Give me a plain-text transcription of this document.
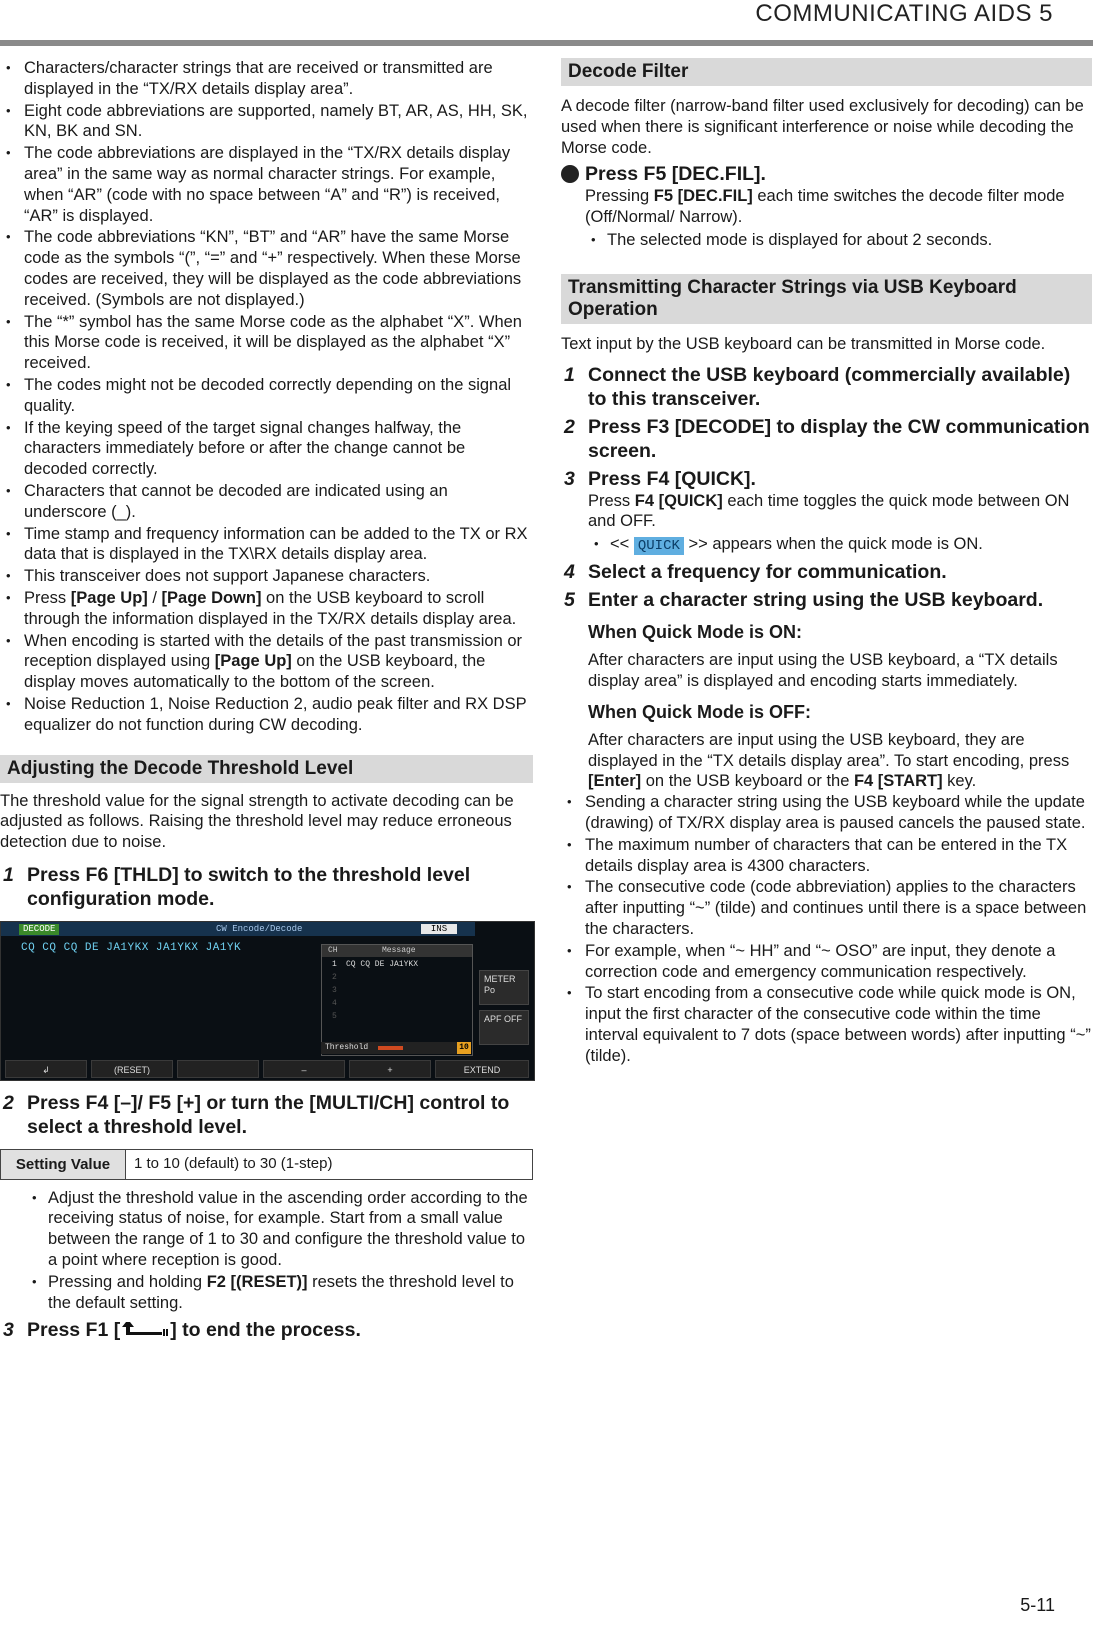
COMMUNICATING AIDS 5
• Characters/character strings that are received or transmitted are displayed in the “TX/RX details display area”.
• Eight code abbreviations are supported, namely BT, AR, AS, HH, SK, KN, BK and SN.
• The code abbreviations are displayed in the “TX/RX details display area” in the same way as normal character strings. For example, when “AR” (code with no space between “A” and “R”) is received, “AR” is displayed.
• The code abbreviations “KN”, “BT” and “AR” have the same Morse code as the symbols “(”, “=” and “+” respectively. When these Morse codes are received, they will be displayed as the code abbreviations received. (Symbols are not displayed.)
• The “*” symbol has the same Morse code as the alphabet “X”. When this Morse code is received, it will be displayed as the alphabet “X” received.
• The codes might not be decoded correctly depending on the signal quality.
• If the keying speed of the target signal changes halfway, the characters immediately before or after the change cannot be decoded correctly.
• Characters that cannot be decoded are indicated using an underscore (_).
• Time stamp and frequency information can be added to the TX or RX data that is displayed in the TX\RX details display area.
• This transceiver does not support Japanese characters.
• Press [Page Up] / [Page Down] on the USB keyboard to scroll through the information displayed in the TX/RX details display area.
• When encoding is started with the details of the past transmission or reception displayed using [Page Up] on the USB keyboard, the display moves automatically to the bottom of the screen.
• Noise Reduction 1, Noise Reduction 2, audio peak filter and RX DSP equalizer do not function during CW decoding.
Adjusting the Decode Threshold Level

The threshold value for the signal strength to activate decoding can be adjusted as follows. Raising the threshold level may reduce erroneous detection due to noise.

1 Press F6 [THLD] to switch to the threshold level configuration mode.
DECODE	CW Encode/Decode	INS
CQ CQ CQ DE JA1YKX JA1YKX JA1YK	CH	Message
1 CQ CQ DE JA1YKX
2
3
4
5
Threshold	10
METER Po
APF OFF
↲	(RESET)	–	+	EXTEND
2 Press F4 [–]/ F5 [+] or turn the [MULTI/CH] control to select a threshold level.
Setting Value	1 to 10 (default) to 30 (1-step)
• Adjust the threshold value in the ascending order according to the receiving status of noise, for example. Start from a small value between the range of 1 to 30 and configure the threshold value to a point where reception is good.
• Pressing and holding F2 [(RESET)] resets the threshold level to the default setting.
3 Press F1 [	] to end the process.
Decode Filter

A decode filter (narrow-band filter used exclusively for decoding) can be used when there is significant interference or noise while decoding the Morse code.

Press F5 [DEC.FIL].
Pressing F5 [DEC.FIL] each time switches the decode filter mode (Off/Normal/ Narrow).
• The selected mode is displayed for about 2 seconds.
Transmitting Character Strings via USB Keyboard Operation

Text input by the USB keyboard can be transmitted in Morse code.

1 Connect the USB keyboard (commercially available) to this transceiver.
2 Press F3 [DECODE] to display the CW communication screen.
3 Press F4 [QUICK].
Press F4 [QUICK] each time toggles the quick mode between ON and OFF.
• << QUICK >> appears when the quick mode is ON.
4 Select a frequency for communication.
5 Enter a character string using the USB keyboard.
When Quick Mode is ON:
After characters are input using the USB keyboard, a “TX details display area” is displayed and encoding starts immediately.
When Quick Mode is OFF:
After characters are input using the USB keyboard, they are displayed in the “TX details display area”. To start encoding, press [Enter] on the USB keyboard or the F4 [START] key.
• Sending a character string using the USB keyboard while the update (drawing) of TX/RX display area is paused cancels the paused state.
• The maximum number of characters that can be entered in the TX details display area is 4300 characters.
• The consecutive code (code abbreviation) applies to the characters after inputting “~” (tilde) and continues until there is a space between the characters.
• For example, when “~ HH” and “~ OSO” are input, they denote a correction code and emergency communication respectively.
• To start encoding from a consecutive code while quick mode is ON, input the first character of the consecutive code within the time interval equivalent to 7 dots (space between words) after inputting “~” (tilde).
5-11
